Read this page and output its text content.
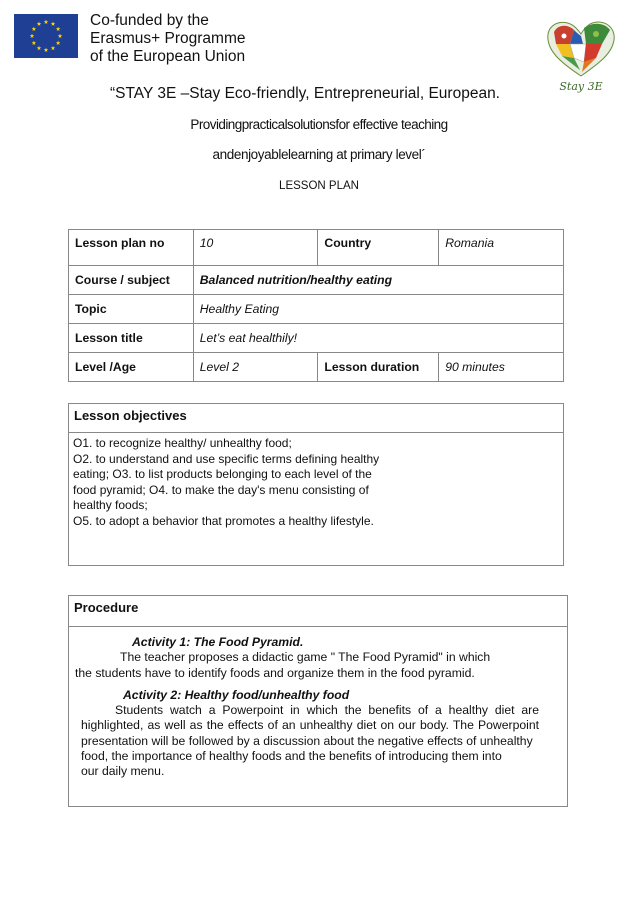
Co-funded by the
Erasmus+ Programme
of the European Union
Stay 3E
“STAY 3E –Stay Eco-friendly, Entrepreneurial, European.
Providingpracticalsolutionsfor effective teaching
andenjoyablelearning at primary level´
LESSON PLAN
Lesson plan no	10	Country	Romania
Course / subject	Balanced nutrition/healthy eating		
Topic	Healthy Eating		
Lesson title	Let’s eat healthily!		
Level /Age	Level 2	Lesson duration	90 minutes
Lesson objectives
O1. to recognize healthy/ unhealthy food;
O2. to understand and use specific terms defining healthy
eating; O3. to list products belonging to each level of the
food pyramid; O4. to make the day's menu consisting of
healthy foods;
O5. to adopt a behavior that promotes a healthy lifestyle.
Procedure
Activity 1: The Food Pyramid.
The teacher proposes a didactic game " The Food Pyramid" in which
the students have to identify foods and organize them in the food pyramid.
Activity 2: Healthy food/unhealthy food
Students watch a Powerpoint in which the benefits of a healthy diet are highlighted, as well as the effects of an unhealthy diet on our body. The Powerpoint presentation will be followed by a discussion about the negative effects of unhealthy
food, the importance of healthy foods and the benefits of introducing them into
our daily menu.
